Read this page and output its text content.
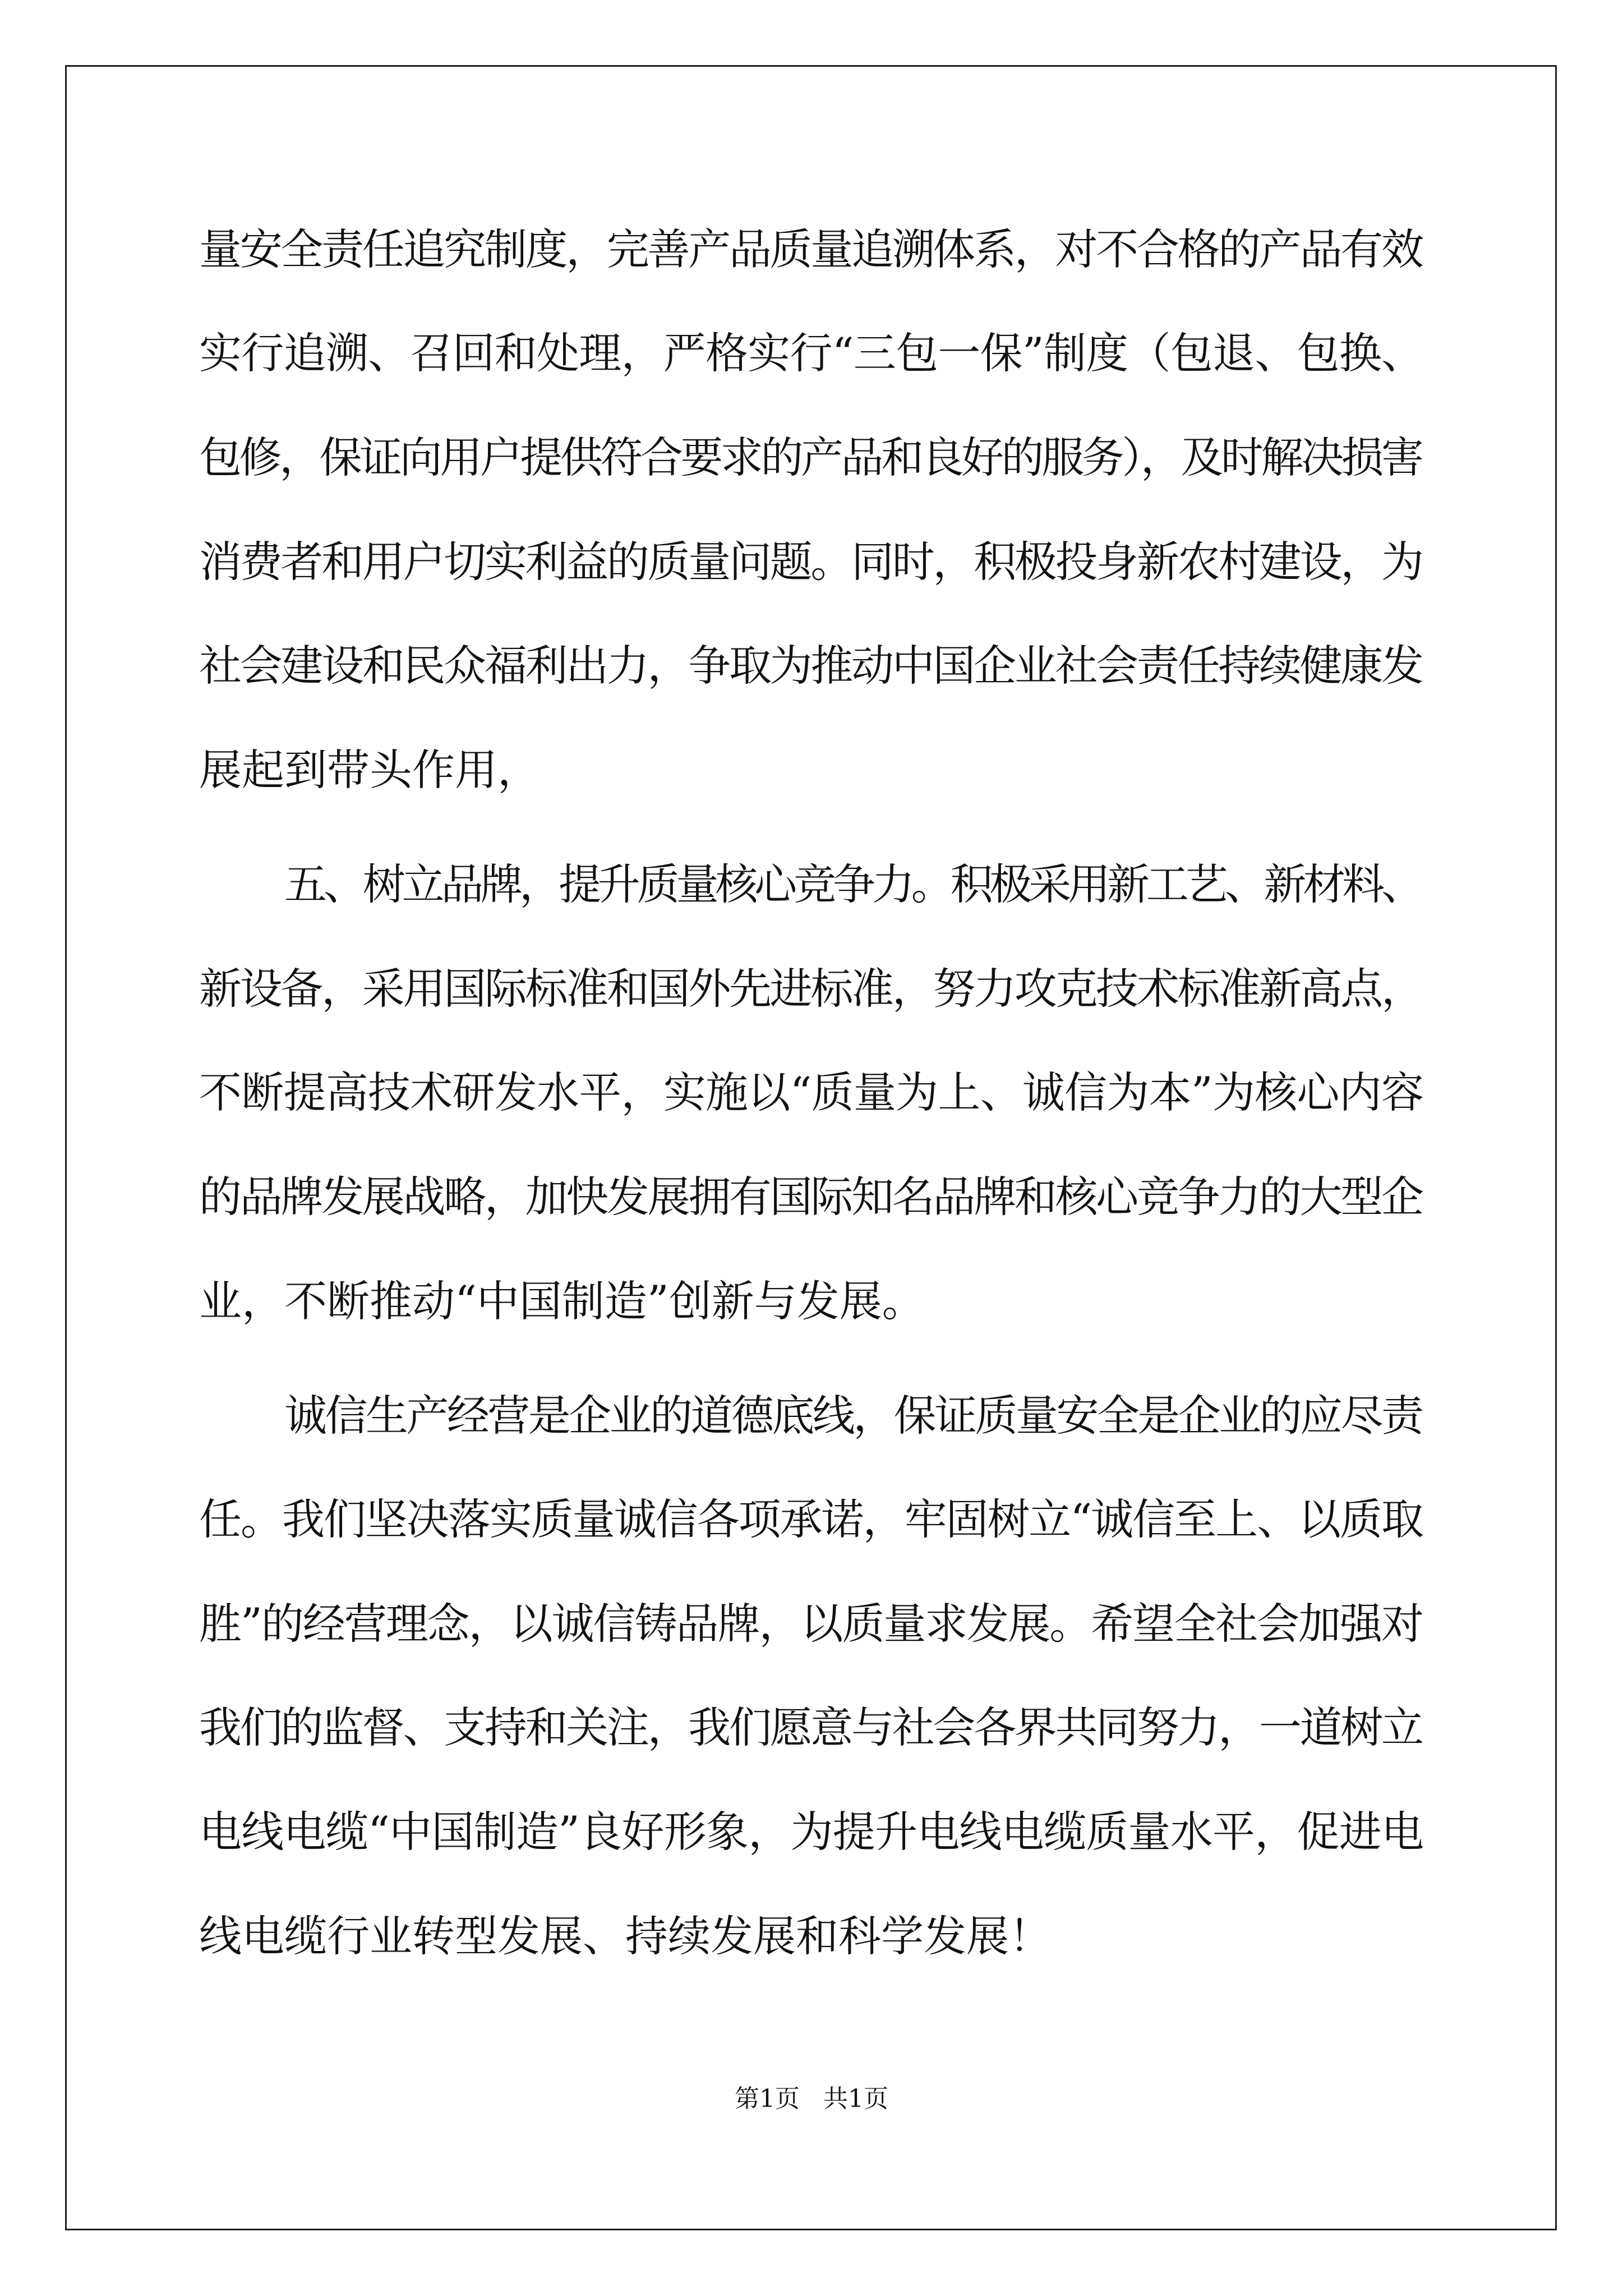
量安全责任追究制度，完善产品质量追溯体系，对不合格的产品有效
实行追溯、召回和处理，严格实行“三包一保”制度（包退、包换、
包修，保证向用户提供符合要求的产品和良好的服务），及时解决损害
消费者和用户切实利益的质量问题。同时，积极投身新农村建设，为
社会建设和民众福利出力，争取为推动中国企业社会责任持续健康发
展起到带头作用，
五、树立品牌，提升质量核心竞争力。积极采用新工艺、新材料、
新设备，采用国际标准和国外先进标准，努力攻克技术标准新高点，
不断提高技术研发水平，实施以“质量为上、诚信为本”为核心内容
的品牌发展战略，加快发展拥有国际知名品牌和核心竞争力的大型企
业，不断推动“中国制造”创新与发展。
诚信生产经营是企业的道德底线，保证质量安全是企业的应尽责
任。我们坚决落实质量诚信各项承诺，牢固树立“诚信至上、以质取
胜”的经营理念，以诚信铸品牌，以质量求发展。希望全社会加强对
我们的监督、支持和关注，我们愿意与社会各界共同努力，一道树立
电线电缆“中国制造”良好形象，为提升电线电缆质量水平，促进电
线电缆行业转型发展、持续发展和科学发展！
第1页   共1页
